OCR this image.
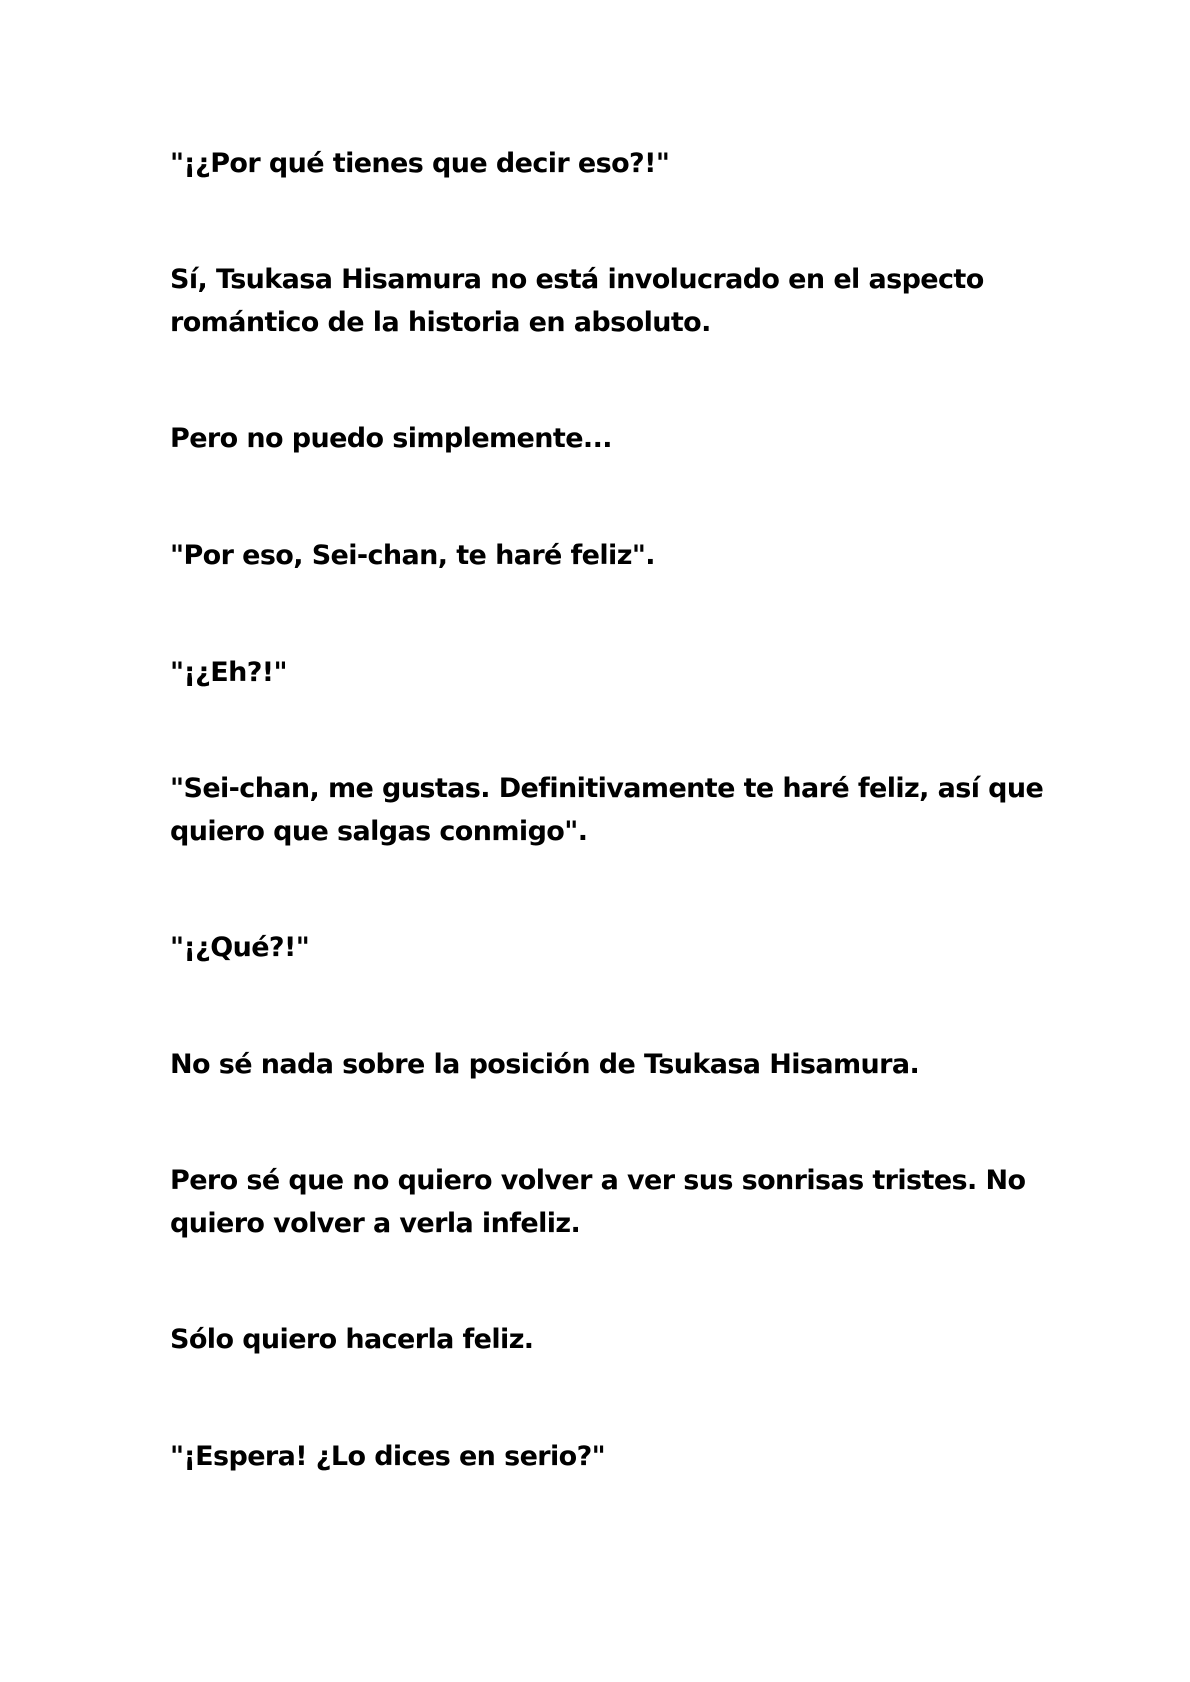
"¡¿Por qué tienes que decir eso?!"

Sí, Tsukasa Hisamura no está involucrado en el aspecto romántico de la historia en absoluto.

Pero no puedo simplemente...

"Por eso, Sei-chan, te haré feliz".

"¡¿Eh?!"

"Sei-chan, me gustas. Definitivamente te haré feliz, así que quiero que salgas conmigo".

"¡¿Qué?!"

No sé nada sobre la posición de Tsukasa Hisamura.

Pero sé que no quiero volver a ver sus sonrisas tristes. No quiero volver a verla infeliz.

Sólo quiero hacerla feliz.

"¡Espera! ¿Lo dices en serio?"
